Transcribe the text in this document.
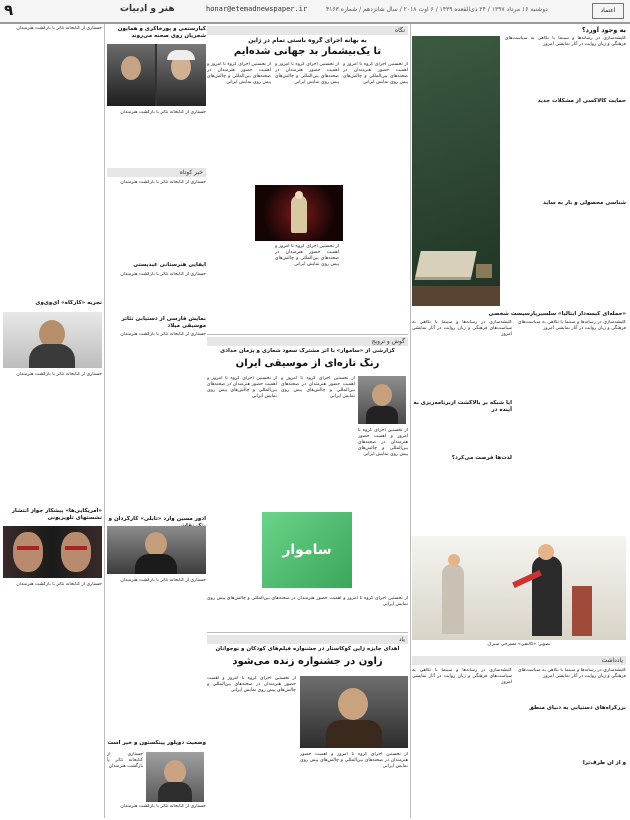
۹	هنر و ادبیات	honar@etemadnewspaper.ir	دوشنبه ۱۶ مرداد ۱۳۹۷ / ۲۴ ذی‌القعده ۱۴۳۹ / ۶ اوت ۲۰۱۸ / سال شانزدهم / شماره ۴۱۶۳	اعتماد
به وجود آورد؟
کلیشه‌سازی در رسانه‌ها و سینما با نگاهی به سیاست‌های فرهنگی و زبان روایت در آثار نمایشی امروز
حمایت گالاکسی از مشکلات جدید
شناسی محصولی و بار به ساید
«حمله‌ای کیسه‌دار ایتالیا» سلسیرپارسیست شخصی
کلیشه‌سازی در رسانه‌ها و سینما با نگاهی به سیاست‌های فرهنگی و زبان روایت در آثار نمایشی امروز
کلیشه‌سازی در رسانه‌ها و سینما با نگاهی به سیاست‌های فرهنگی و زبان روایت در آثار نمایشی امروز
آیا شبکه بر بالاگشت ازبرنامه‌ریزی به آینده در
لذت‌ها فرصت می‌کرد؟
تصویر: «کالنفی» مسرحی سیرک
یادداشت
کلیشه‌سازی در رسانه‌ها و سینما با نگاهی به سیاست‌های فرهنگی و زبان روایت در آثار نمایشی امروز
کلیشه‌سازی در رسانه‌ها و سینما با نگاهی به سیاست‌های فرهنگی و زبان روایت در آثار نمایشی امروز
بزرگراه‌های دستیابی به دنیای منطق
و از آن طرف‌ترا
نگاه
به بهانه اجرای گروه باستی تمام در ژاپن
تا یک‌بیشمار بد جهانی شده‌ایم
از نخستین اجرای گروه تا امروز و اهمیت حضور هنرمندان در صحنه‌های بین‌المللی و چالش‌های پیش روی نمایش ایرانی
از نخستین اجرای گروه تا امروز و اهمیت حضور هنرمندان در صحنه‌های بین‌المللی و چالش‌های پیش روی نمایش ایرانی
از نخستین اجرای گروه تا امروز و اهمیت حضور هنرمندان در صحنه‌های بین‌المللی و چالش‌های پیش روی نمایش ایرانی
از نخستین اجرای گروه تا امروز و اهمیت حضور هنرمندان در صحنه‌های بین‌المللی و چالش‌های پیش روی نمایش ایرانی
گوش و ترویج
گزارشی از «ساموار» با اثر مشترک سعود شعاری و پژمان حدادی
رنگ تازه‌ای از موسیقی ایران
از نخستین اجرای گروه تا امروز و اهمیت حضور هنرمندان در صحنه‌های بین‌المللی و چالش‌های پیش روی نمایش ایرانی
از نخستین اجرای گروه تا امروز و اهمیت حضور هنرمندان در صحنه‌های بین‌المللی و چالش‌های پیش روی نمایش ایرانی
از نخستین اجرای گروه تا امروز و اهمیت حضور هنرمندان در صحنه‌های بین‌المللی و چالش‌های پیش روی نمایش ایرانی
ساموار
از نخستین اجرای گروه تا امروز و اهمیت حضور هنرمندان در صحنه‌های بین‌المللی و چالش‌های پیش روی نمایش ایرانی
یاد
اهدای جایزه ژاپن کوکاستار در جشنواره فیلم‌های کودکان و نوجوانان
زاون در جشنواره زنده می‌شود
از نخستین اجرای گروه تا امروز و اهمیت حضور هنرمندان در صحنه‌های بین‌المللی و چالش‌های پیش روی نمایش ایرانی
از نخستین اجرای گروه تا امروز و اهمیت حضور هنرمندان در صحنه‌های بین‌المللی و چالش‌های پیش روی نمایش ایرانی
جستاری از کتابخانه تئاتر یا بازگشت هنرمندان	کیارستمی و پورخاکری و همایون شجریان روی صحنه می‌روند
جستاری از کتابخانه تئاتر یا بازگشت هنرمندان
خبر کوتاه
جستاری از کتابخانه تئاتر یا بازگشت هنرمندان
آیفایی هنرستانی عیدیستی
جستاری از کتابخانه تئاتر یا بازگشت هنرمندان
تجربه «کارگاه» آی‌وی‌وی
جستاری از کتابخانه تئاتر یا بازگشت هنرمندان
نمایش فارسی از دستیابی تئاتر موسیقی میلاد
جستاری از کتابخانه تئاتر یا بازگشت هنرمندان
«امریکایی‌ها» پیشکار جواز انتشار نشستهای تلویزیونی
جستاری از کتابخانه تئاتر یا بازگشت هنرمندان
ادور مسین وارد «تابلی» کارگردان و
جستاری از کتابخانه تئاتر یا بازگشت هنرمندان
وضعیت دوپلور پینکستون و خیر است
جستاری از کتابخانه تئاتر یا بازگشت هنرمندان
جستاری از کتابخانه تئاتر یا بازگشت هنرمندان
